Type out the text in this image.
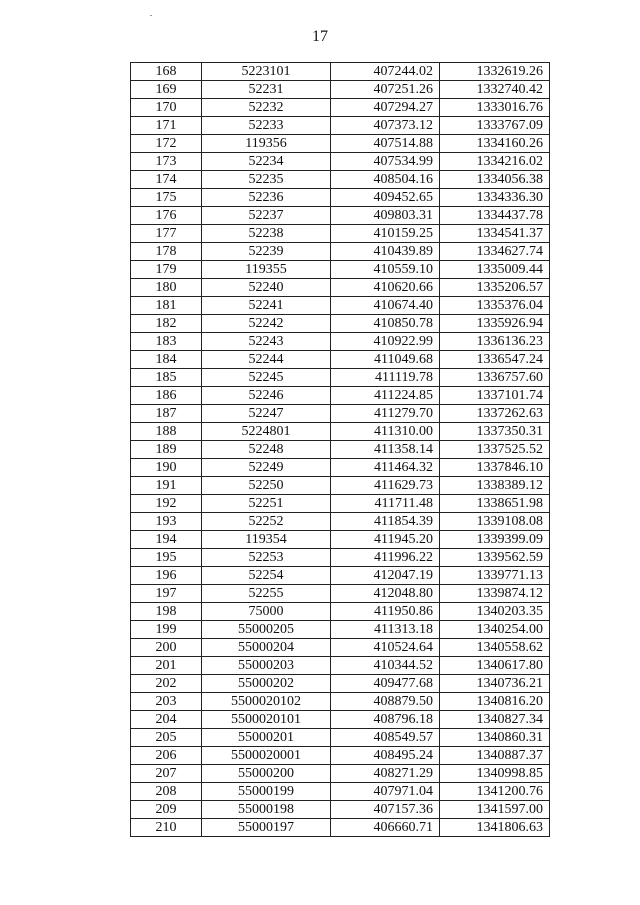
17
168	5223101	407244.02	1332619.26
169	52231	407251.26	1332740.42
170	52232	407294.27	1333016.76
171	52233	407373.12	1333767.09
172	119356	407514.88	1334160.26
173	52234	407534.99	1334216.02
174	52235	408504.16	1334056.38
175	52236	409452.65	1334336.30
176	52237	409803.31	1334437.78
177	52238	410159.25	1334541.37
178	52239	410439.89	1334627.74
179	119355	410559.10	1335009.44
180	52240	410620.66	1335206.57
181	52241	410674.40	1335376.04
182	52242	410850.78	1335926.94
183	52243	410922.99	1336136.23
184	52244	411049.68	1336547.24
185	52245	411119.78	1336757.60
186	52246	411224.85	1337101.74
187	52247	411279.70	1337262.63
188	5224801	411310.00	1337350.31
189	52248	411358.14	1337525.52
190	52249	411464.32	1337846.10
191	52250	411629.73	1338389.12
192	52251	411711.48	1338651.98
193	52252	411854.39	1339108.08
194	119354	411945.20	1339399.09
195	52253	411996.22	1339562.59
196	52254	412047.19	1339771.13
197	52255	412048.80	1339874.12
198	75000	411950.86	1340203.35
199	55000205	411313.18	1340254.00
200	55000204	410524.64	1340558.62
201	55000203	410344.52	1340617.80
202	55000202	409477.68	1340736.21
203	5500020102	408879.50	1340816.20
204	5500020101	408796.18	1340827.34
205	55000201	408549.57	1340860.31
206	5500020001	408495.24	1340887.37
207	55000200	408271.29	1340998.85
208	55000199	407971.04	1341200.76
209	55000198	407157.36	1341597.00
210	55000197	406660.71	1341806.63
